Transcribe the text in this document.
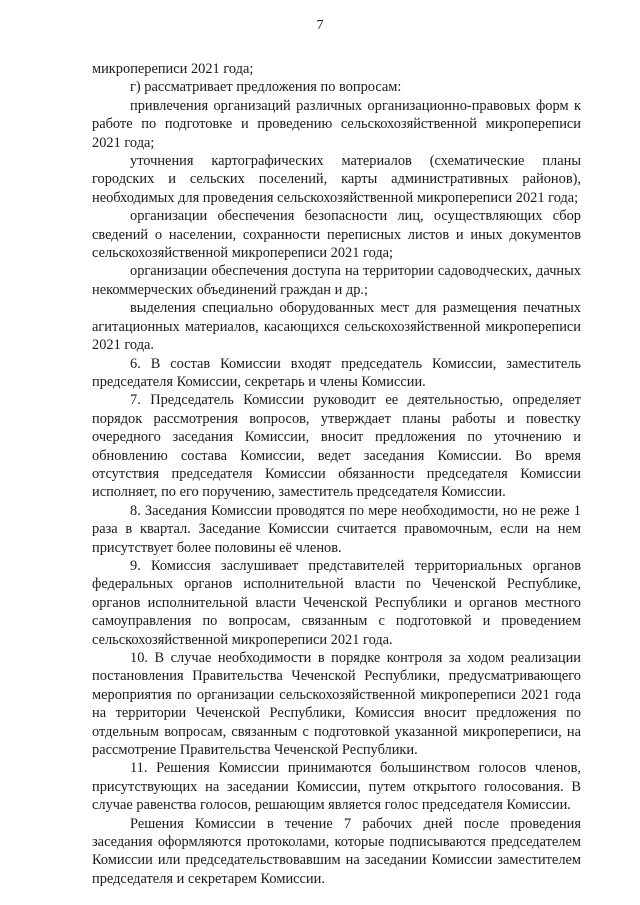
7

микропереписи 2021 года;

г) рассматривает предложения по вопросам:

привлечения организаций различных организационно-правовых форм к работе по подготовке и проведению сельскохозяйственной микропереписи 2021 года;

уточнения картографических материалов (схематические планы городских и сельских поселений, карты административных районов), необходимых для проведения сельскохозяйственной микропереписи 2021 года;

организации обеспечения безопасности лиц, осуществляющих сбор сведений о населении, сохранности переписных листов и иных документов сельскохозяйственной микропереписи 2021 года;

организации обеспечения доступа на территории садоводческих, дачных некоммерческих объединений граждан и др.;

выделения специально оборудованных мест для размещения печатных агитационных материалов, касающихся сельскохозяйственной микропереписи 2021 года.

6. В состав Комиссии входят председатель Комиссии, заместитель председателя Комиссии, секретарь и члены Комиссии.

7. Председатель Комиссии руководит ее деятельностью, определяет порядок рассмотрения вопросов, утверждает планы работы и повестку очередного заседания Комиссии, вносит предложения по уточнению и обновлению состава Комиссии, ведет заседания Комиссии. Во время отсутствия председателя Комиссии обязанности председателя Комиссии исполняет, по его поручению, заместитель председателя Комиссии.

8. Заседания Комиссии проводятся по мере необходимости, но не реже 1 раза в квартал. Заседание Комиссии считается правомочным, если на нем присутствует более половины её членов.

9. Комиссия заслушивает представителей территориальных органов федеральных органов исполнительной власти по Чеченской Республике, органов исполнительной власти Чеченской Республики и органов местного самоуправления по вопросам, связанным с подготовкой и проведением сельскохозяйственной микропереписи 2021 года.

10. В случае необходимости в порядке контроля за ходом реализации постановления Правительства Чеченской Республики, предусматривающего мероприятия по организации сельскохозяйственной микропереписи 2021 года на территории Чеченской Республики, Комиссия вносит предложения по отдельным вопросам, связанным с подготовкой указанной микропереписи, на рассмотрение Правительства Чеченской Республики.

11. Решения Комиссии принимаются большинством голосов членов, присутствующих на заседании Комиссии, путем открытого голосования. В случае равенства голосов, решающим является голос председателя Комиссии.

Решения Комиссии в течение 7 рабочих дней после проведения заседания оформляются протоколами, которые подписываются председателем Комиссии или председательствовавшим на заседании Комиссии заместителем председателя и секретарем Комиссии.
